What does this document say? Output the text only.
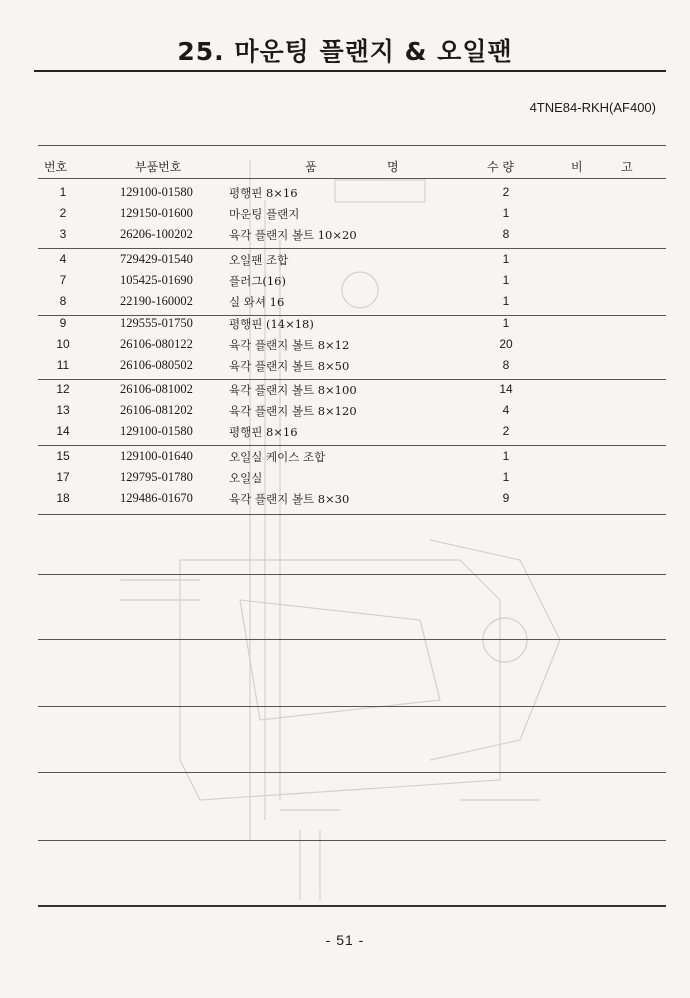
25. 마운팅 플랜지 & 오일팬
4TNE84-RKH(AF400)
번호	부품번호	품	명	수 량	비	고
1	129100-01580	평행핀 8×16	2
2	129150-01600	마운팅 플랜지	1
3	26206-100202	육각 플랜지 볼트 10×20	8
4	729429-01540	오일팬 조합	1
7	105425-01690	플러그(16)	1
8	22190-160002	실 와셔 16	1
9	129555-01750	평행핀 (14×18)	1
10	26106-080122	육각 플랜지 볼트 8×12	20
11	26106-080502	육각 플랜지 볼트 8×50	8
12	26106-081002	육각 플랜지 볼트 8×100	14
13	26106-081202	육각 플랜지 볼트 8×120	4
14	129100-01580	평행핀 8×16	2
15	129100-01640	오일실 케이스 조합	1
17	129795-01780	오일실	1
18	129486-01670	육각 플랜지 볼트 8×30	9
- 51 -
